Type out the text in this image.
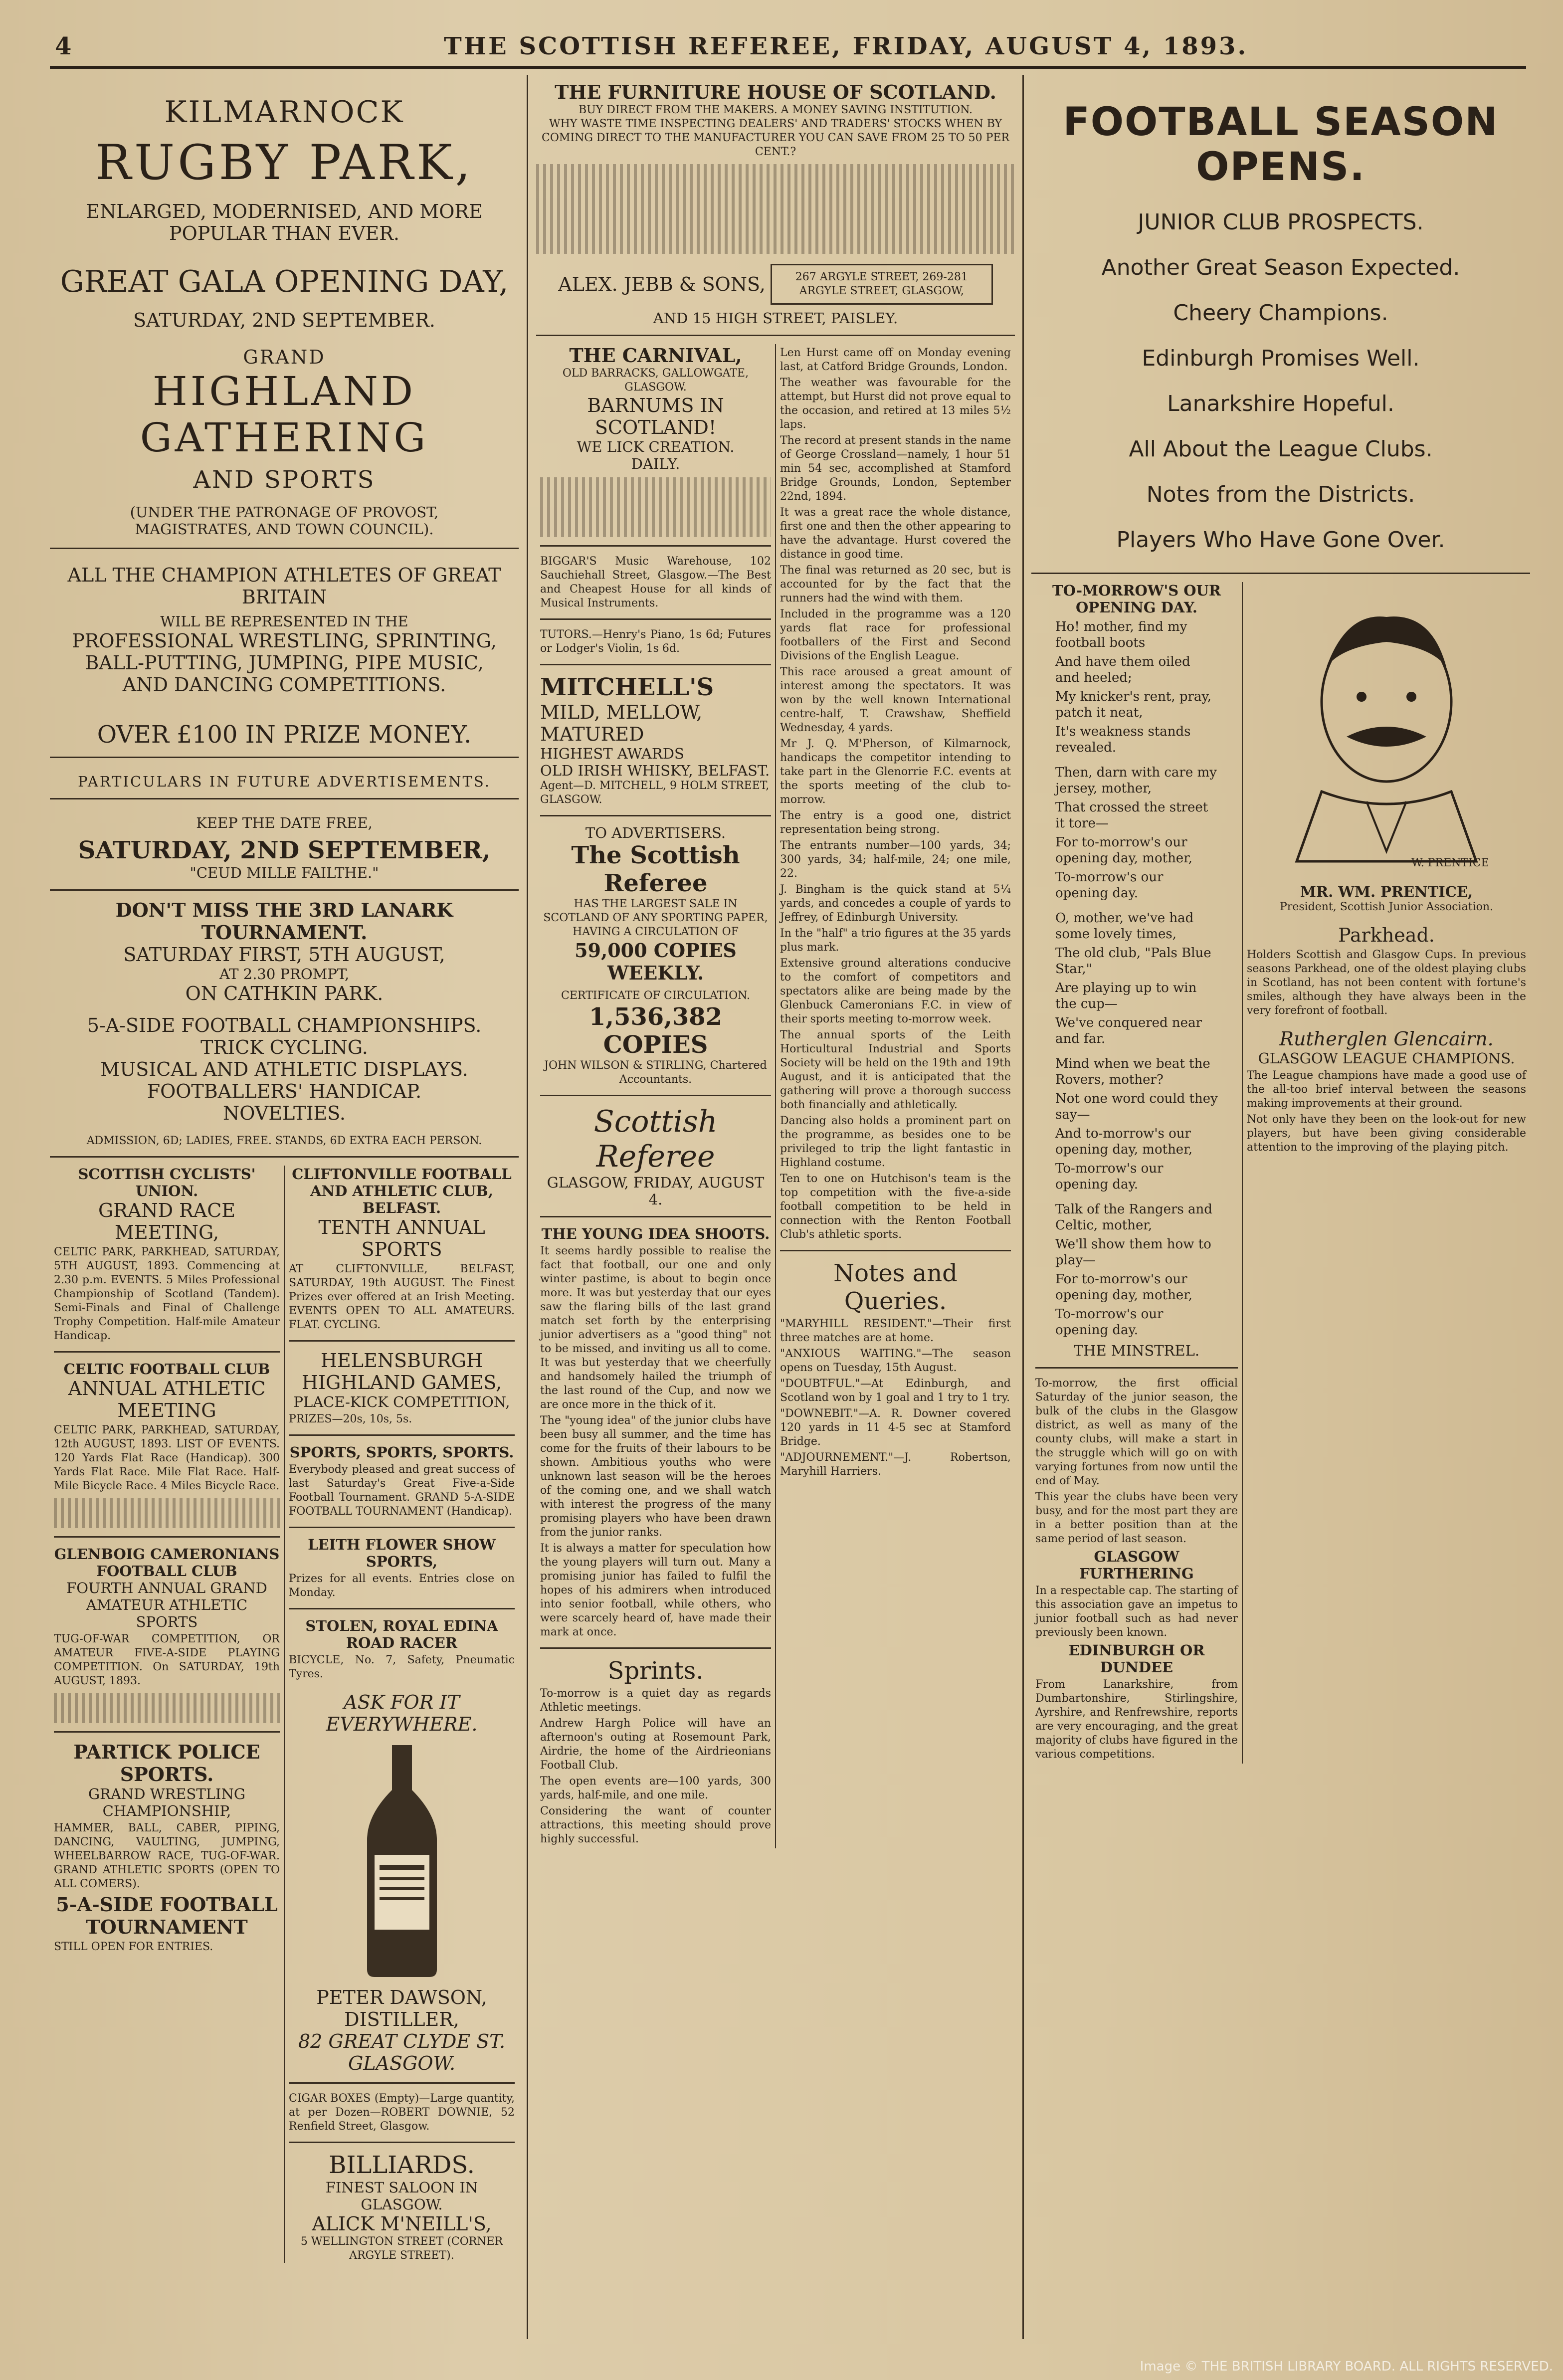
4	THE SCOTTISH REFEREE, FRIDAY, AUGUST 4, 1893.
KILMARNOCK
RUGBY PARK,
ENLARGED, MODERNISED, AND MORE
POPULAR THAN EVER.
GREAT GALA OPENING DAY,
SATURDAY, 2ND SEPTEMBER.
GRAND
HIGHLAND GATHERING
AND SPORTS
(UNDER THE PATRONAGE OF PROVOST, MAGISTRATES, AND TOWN COUNCIL).
ALL THE CHAMPION ATHLETES OF GREAT BRITAIN
WILL BE REPRESENTED IN THE
PROFESSIONAL WRESTLING, SPRINTING,
BALL-PUTTING, JUMPING, PIPE MUSIC,
AND DANCING COMPETITIONS.
OVER £100 IN PRIZE MONEY.
PARTICULARS IN FUTURE ADVERTISEMENTS.
KEEP THE DATE FREE,
SATURDAY, 2ND SEPTEMBER,
"CEUD MILLE FAILTHE."
DON'T MISS THE 3RD LANARK TOURNAMENT.
SATURDAY FIRST, 5TH AUGUST,
AT 2.30 PROMPT,
ON CATHKIN PARK.
5-A-SIDE FOOTBALL CHAMPIONSHIPS.
TRICK CYCLING.
MUSICAL AND ATHLETIC DISPLAYS.
FOOTBALLERS' HANDICAP.
NOVELTIES.
ADMISSION, 6D; LADIES, FREE. STANDS, 6D EXTRA EACH PERSON.
SCOTTISH CYCLISTS' UNION.
GRAND RACE MEETING,
CELTIC PARK, PARKHEAD, SATURDAY, 5TH AUGUST, 1893. Commencing at 2.30 p.m. EVENTS. 5 Miles Professional Championship of Scotland (Tandem). Semi-Finals and Final of Challenge Trophy Competition. Half-mile Amateur Handicap.
CELTIC FOOTBALL CLUB
ANNUAL ATHLETIC MEETING
CELTIC PARK, PARKHEAD, SATURDAY, 12th AUGUST, 1893. LIST OF EVENTS. 120 Yards Flat Race (Handicap). 300 Yards Flat Race. Mile Flat Race. Half-Mile Bicycle Race. 4 Miles Bicycle Race.
GLENBOIG CAMERONIANS FOOTBALL CLUB
FOURTH ANNUAL GRAND AMATEUR ATHLETIC SPORTS
TUG-OF-WAR COMPETITION, OR AMATEUR FIVE-A-SIDE PLAYING COMPETITION. On SATURDAY, 19th AUGUST, 1893.
PARTICK POLICE SPORTS.
GRAND WRESTLING CHAMPIONSHIP,
HAMMER, BALL, CABER, PIPING, DANCING, VAULTING, JUMPING, WHEELBARROW RACE, TUG-OF-WAR. GRAND ATHLETIC SPORTS (OPEN TO ALL COMERS).
5-A-SIDE FOOTBALL TOURNAMENT
STILL OPEN FOR ENTRIES.
CLIFTONVILLE FOOTBALL AND ATHLETIC CLUB, BELFAST.
TENTH ANNUAL SPORTS
AT CLIFTONVILLE, BELFAST, SATURDAY, 19th AUGUST. The Finest Prizes ever offered at an Irish Meeting. EVENTS OPEN TO ALL AMATEURS. FLAT. CYCLING.
HELENSBURGH HIGHLAND GAMES,
PLACE-KICK COMPETITION,
PRIZES—20s, 10s, 5s.
SPORTS, SPORTS, SPORTS.
Everybody pleased and great success of last Saturday's Great Five-a-Side Football Tournament. GRAND 5-A-SIDE FOOTBALL TOURNAMENT (Handicap).
LEITH FLOWER SHOW SPORTS,
Prizes for all events. Entries close on Monday.
STOLEN, ROYAL EDINA ROAD RACER
BICYCLE, No. 7, Safety, Pneumatic Tyres.
ASK FOR IT EVERYWHERE.
PETER DAWSON, DISTILLER,
82 GREAT CLYDE ST. GLASGOW.
CIGAR BOXES (Empty)—Large quantity, at per Dozen—ROBERT DOWNIE, 52 Renfield Street, Glasgow.
BILLIARDS.
FINEST SALOON IN GLASGOW.
ALICK M'NEILL'S,
5 WELLINGTON STREET (CORNER ARGYLE STREET).
THE FURNITURE HOUSE OF SCOTLAND.
BUY DIRECT FROM THE MAKERS. A MONEY SAVING INSTITUTION.
WHY WASTE TIME INSPECTING DEALERS' AND TRADERS' STOCKS WHEN BY COMING DIRECT TO THE MANUFACTURER YOU CAN SAVE FROM 25 TO 50 PER CENT.?
ALEX. JEBB & SONS,	267 ARGYLE STREET, 269-281 ARGYLE STREET, GLASGOW,
AND 15 HIGH STREET, PAISLEY.
THE CARNIVAL,
OLD BARRACKS, GALLOWGATE, GLASGOW.
BARNUMS IN SCOTLAND!
WE LICK CREATION.
DAILY.
BIGGAR'S Music Warehouse, 102 Sauchiehall Street, Glasgow.—The Best and Cheapest House for all kinds of Musical Instruments.
TUTORS.—Henry's Piano, 1s 6d; Futures or Lodger's Violin, 1s 6d.
MITCHELL'S
MILD, MELLOW, MATURED
HIGHEST AWARDS
OLD IRISH WHISKY, BELFAST.
Agent—D. MITCHELL, 9 HOLM STREET, GLASGOW.
TO ADVERTISERS.
The Scottish Referee
HAS THE LARGEST SALE IN SCOTLAND OF ANY SPORTING PAPER,
HAVING A CIRCULATION OF
59,000 COPIES WEEKLY.
CERTIFICATE OF CIRCULATION.
1,536,382 COPIES
JOHN WILSON & STIRLING, Chartered Accountants.
Scottish Referee
GLASGOW, FRIDAY, AUGUST 4.
THE YOUNG IDEA SHOOTS.
It seems hardly possible to realise the fact that football, our one and only winter pastime, is about to begin once more. It was but yesterday that our eyes saw the flaring bills of the last grand match set forth by the enterprising junior advertisers as a "good thing" not to be missed, and inviting us all to come. It was but yesterday that we cheerfully and handsomely hailed the triumph of the last round of the Cup, and now we are once more in the thick of it.
The "young idea" of the junior clubs have been busy all summer, and the time has come for the fruits of their labours to be shown. Ambitious youths who were unknown last season will be the heroes of the coming one, and we shall watch with interest the progress of the many promising players who have been drawn from the junior ranks.
It is always a matter for speculation how the young players will turn out. Many a promising junior has failed to fulfil the hopes of his admirers when introduced into senior football, while others, who were scarcely heard of, have made their mark at once.
Sprints.
To-morrow is a quiet day as regards Athletic meetings.
Andrew Hargh Police will have an afternoon's outing at Rosemount Park, Airdrie, the home of the Airdrieonians Football Club.
The open events are—100 yards, 300 yards, half-mile, and one mile.
Considering the want of counter attractions, this meeting should prove highly successful.
Len Hurst came off on Monday evening last, at Catford Bridge Grounds, London.
The weather was favourable for the attempt, but Hurst did not prove equal to the occasion, and retired at 13 miles 5½ laps.
The record at present stands in the name of George Crossland—namely, 1 hour 51 min 54 sec, accomplished at Stamford Bridge Grounds, London, September 22nd, 1894.
It was a great race the whole distance, first one and then the other appearing to have the advantage. Hurst covered the distance in good time.
The final was returned as 20 sec, but is accounted for by the fact that the runners had the wind with them.
Included in the programme was a 120 yards flat race for professional footballers of the First and Second Divisions of the English League.
This race aroused a great amount of interest among the spectators. It was won by the well known International centre-half, T. Crawshaw, Sheffield Wednesday, 4 yards.
Mr J. Q. M'Pherson, of Kilmarnock, handicaps the competitor intending to take part in the Glenorrie F.C. events at the sports meeting of the club to-morrow.
The entry is a good one, district representation being strong.
The entrants number—100 yards, 34; 300 yards, 34; half-mile, 24; one mile, 22.
J. Bingham is the quick stand at 5¼ yards, and concedes a couple of yards to Jeffrey, of Edinburgh University.
In the "half" a trio figures at the 35 yards plus mark.
Extensive ground alterations conducive to the comfort of competitors and spectators alike are being made by the Glenbuck Cameronians F.C. in view of their sports meeting to-morrow week.
The annual sports of the Leith Horticultural Industrial and Sports Society will be held on the 19th and 19th August, and it is anticipated that the gathering will prove a thorough success both financially and athletically.
Dancing also holds a prominent part on the programme, as besides one to be privileged to trip the light fantastic in Highland costume.
Ten to one on Hutchison's team is the top competition with the five-a-side football competition to be held in connection with the Renton Football Club's athletic sports.
Notes and Queries.
"MARYHILL RESIDENT."—Their first three matches are at home.
"ANXIOUS WAITING."—The season opens on Tuesday, 15th August.
"DOUBTFUL."—At Edinburgh, and Scotland won by 1 goal and 1 try to 1 try.
"DOWNEBIT."—A. R. Downer covered 120 yards in 11 4-5 sec at Stamford Bridge.
"ADJOURNEMENT."—J. Robertson, Maryhill Harriers.
FOOTBALL SEASON OPENS.
JUNIOR CLUB PROSPECTS.
Another Great Season Expected.
Cheery Champions.
Edinburgh Promises Well.
Lanarkshire Hopeful.
All About the League Clubs.
Notes from the Districts.
Players Who Have Gone Over.
TO-MORROW'S OUR OPENING DAY.
Ho! mother, find my football boots
And have them oiled and heeled;
My knicker's rent, pray, patch it neat,
It's weakness stands revealed.
Then, darn with care my jersey, mother,
That crossed the street it tore—
For to-morrow's our opening day, mother,
To-morrow's our opening day.
O, mother, we've had some lovely times,
The old club, "Pals Blue Star,"
Are playing up to win the cup—
We've conquered near and far.
Mind when we beat the Rovers, mother?
Not one word could they say—
And to-morrow's our opening day, mother,
To-morrow's our opening day.
Talk of the Rangers and Celtic, mother,
We'll show them how to play—
For to-morrow's our opening day, mother,
To-morrow's our opening day.
THE MINSTREL.
To-morrow, the first official Saturday of the junior season, the bulk of the clubs in the Glasgow district, as well as many of the county clubs, will make a start in the struggle which will go on with varying fortunes from now until the end of May.
This year the clubs have been very busy, and for the most part they are in a better position than at the same period of last season.
GLASGOW FURTHERING
In a respectable cap. The starting of this association gave an impetus to junior football such as had never previously been known.
EDINBURGH OR DUNDEE
From Lanarkshire, from Dumbartonshire, Stirlingshire, Ayrshire, and Renfrewshire, reports are very encouraging, and the great majority of clubs have figured in the various competitions.
W. PRENTICE
MR. WM. PRENTICE,
President, Scottish Junior Association.
Parkhead.
Holders Scottish and Glasgow Cups. In previous seasons Parkhead, one of the oldest playing clubs in Scotland, has not been content with fortune's smiles, although they have always been in the very forefront of football.
Rutherglen Glencairn.
GLASGOW LEAGUE CHAMPIONS.
The League champions have made a good use of the all-too brief interval between the seasons making improvements at their ground.
Not only have they been on the look-out for new players, but have been giving considerable attention to the improving of the playing pitch.
Image © THE BRITISH LIBRARY BOARD. ALL RIGHTS RESERVED.
